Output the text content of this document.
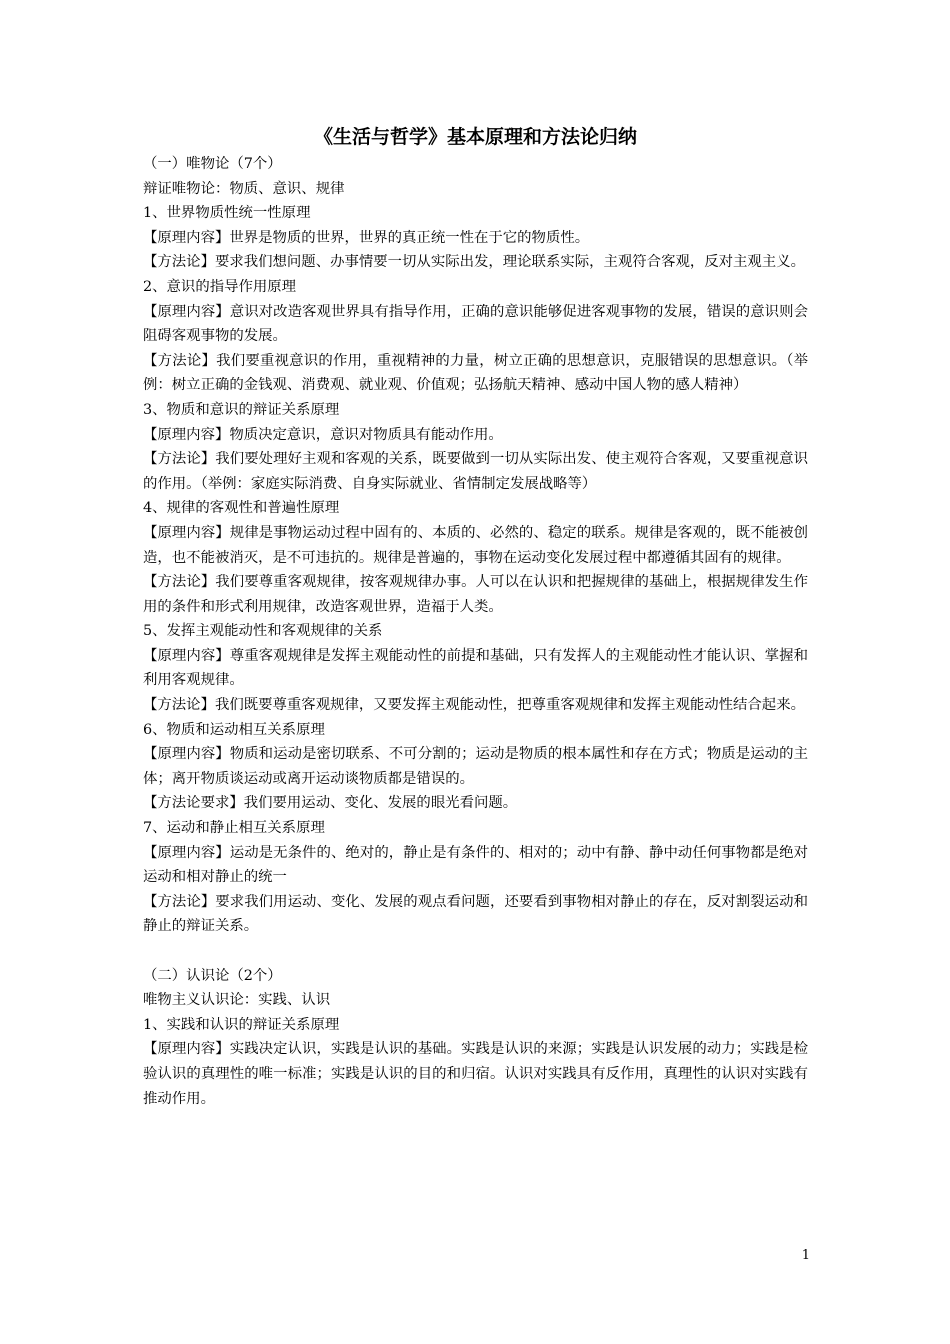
《生活与哲学》基本原理和方法论归纳

（一）唯物论（7个）

辩证唯物论：物质、意识、规律

1、世界物质性统一性原理

【原理内容】世界是物质的世界，世界的真正统一性在于它的物质性。

【方法论】要求我们想问题、办事情要一切从实际出发，理论联系实际，主观符合客观，反对主观主义。

2、意识的指导作用原理

【原理内容】意识对改造客观世界具有指导作用，正确的意识能够促进客观事物的发展，错误的意识则会阻碍客观事物的发展。

【方法论】我们要重视意识的作用，重视精神的力量，树立正确的思想意识，克服错误的思想意识。（举例：树立正确的金钱观、消费观、就业观、价值观；弘扬航天精神、感动中国人物的感人精神）

3、物质和意识的辩证关系原理

【原理内容】物质决定意识，意识对物质具有能动作用。

【方法论】我们要处理好主观和客观的关系，既要做到一切从实际出发、使主观符合客观，又要重视意识的作用。（举例：家庭实际消费、自身实际就业、省情制定发展战略等）

4、规律的客观性和普遍性原理

【原理内容】规律是事物运动过程中固有的、本质的、必然的、稳定的联系。规律是客观的，既不能被创造，也不能被消灭，是不可违抗的。规律是普遍的，事物在运动变化发展过程中都遵循其固有的规律。

【方法论】我们要尊重客观规律，按客观规律办事。人可以在认识和把握规律的基础上，根据规律发生作用的条件和形式利用规律，改造客观世界，造福于人类。

5、发挥主观能动性和客观规律的关系

【原理内容】尊重客观规律是发挥主观能动性的前提和基础，只有发挥人的主观能动性才能认识、掌握和利用客观规律。

【方法论】我们既要尊重客观规律，又要发挥主观能动性，把尊重客观规律和发挥主观能动性结合起来。

6、物质和运动相互关系原理

【原理内容】物质和运动是密切联系、不可分割的；运动是物质的根本属性和存在方式；物质是运动的主体；离开物质谈运动或离开运动谈物质都是错误的。

【方法论要求】我们要用运动、变化、发展的眼光看问题。

7、运动和静止相互关系原理

【原理内容】运动是无条件的、绝对的，静止是有条件的、相对的；动中有静、静中动任何事物都是绝对运动和相对静止的统一

【方法论】要求我们用运动、变化、发展的观点看问题，还要看到事物相对静止的存在，反对割裂运动和静止的辩证关系。

（二）认识论（2个）

唯物主义认识论：实践、认识

1、实践和认识的辩证关系原理

【原理内容】实践决定认识，实践是认识的基础。实践是认识的来源；实践是认识发展的动力；实践是检验认识的真理性的唯一标准；实践是认识的目的和归宿。认识对实践具有反作用，真理性的认识对实践有推动作用。

1
